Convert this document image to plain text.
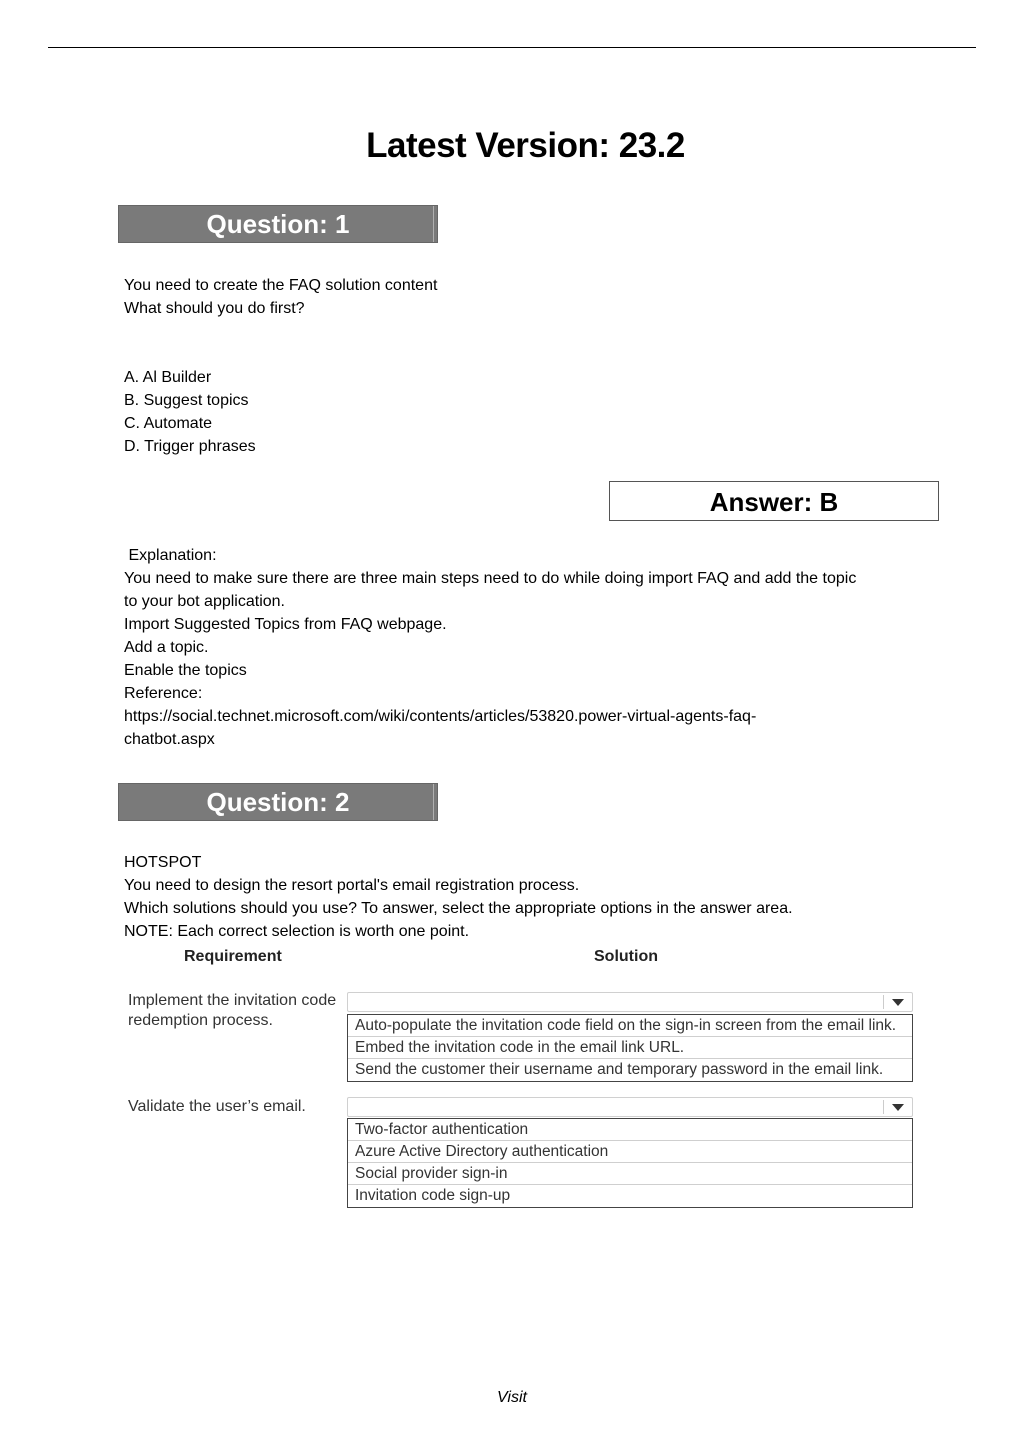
Latest Version: 23.2
Question: 1
You need to create the FAQ solution content
What should you do first?
A. Al Builder
B. Suggest topics
C. Automate
D. Trigger phrases
Answer: B
Explanation:
You need to make sure there are three main steps need to do while doing import FAQ and add the topic
to your bot application.
Import Suggested Topics from FAQ webpage.
Add a topic.
Enable the topics
Reference:
https://social.technet.microsoft.com/wiki/contents/articles/53820.power-virtual-agents-faq-
chatbot.aspx
Question: 2
HOTSPOT
You need to design the resort portal's email registration process.
Which solutions should you use? To answer, select the appropriate options in the answer area.
NOTE: Each correct selection is worth one point.
Requirement	Solution
Implement the invitation code
redemption process.	Auto-populate the invitation code field on the sign-in screen from the email link.
Embed the invitation code in the email link URL.
Send the customer their username and temporary password in the email link.
Validate the user’s email.
Two-factor authentication
Azure Active Directory authentication
Social provider sign-in
Invitation code sign-up
Visit
